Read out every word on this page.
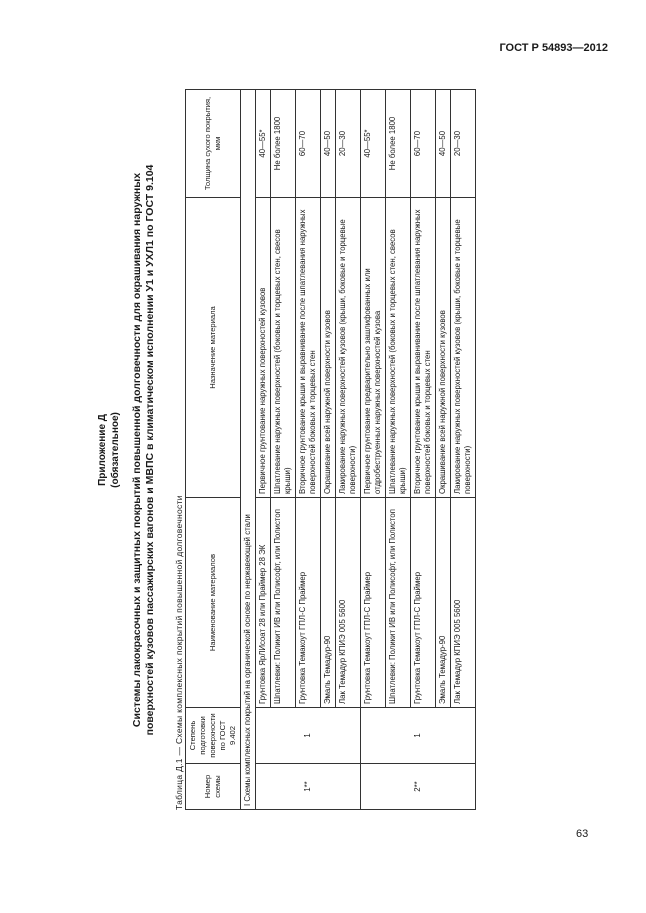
ГОСТ Р 54893—2012
Приложение Д (обязательное) Системы лакокрасочных и защитных покрытий повышенной долговечности для окрашивания наружных поверхностей кузовов пассажирских вагонов и МВПС в климатическом исполнении У1 и УХЛ1 по ГОСТ 9.104 Таблица Д.1 — Схемы комплексных покрытий повышенной долговечности	Номер схемы	Степень подготовки поверхности по ГОСТ 9.402	Наименование материалов	Назначение материала	Толщина сухого покрытия, мкм
I Схемы комплексных покрытий на органической основе по нержавеющей стали				
1**	1	Грунтовка ЯрЛИсоат 28 или Праймер 28 ЭК	Первичное грунтование наружных поверхностей кузовов	40—55*
		Шпатлевки: Поликит ИВ или Полисофт, или Полистоп	Шпатлевание наружных поверхностей (боковых и торцевых стен, свесов крыши)	Не более 1800
		Грунтовка Темакоут ГПЛ-С Праймер	Вторичное грунтование крыши и выравнивание после шпатлевания наружных поверхностей боковых и торцевых стен	60—70
		Эмаль Темадур-90	Окрашивание всей наружной поверхности кузовов	40—50
		Лак Темадур КПИЭ 005 5600	Лакирование наружных поверхностей кузовов (крыши, боковые и торцевые поверхности)	20—30
2**	1	Грунтовка Темакоут ГПЛ-С Праймер	Первичное грунтование предварительно зашлифованных или отдробеструенных наружных поверхностей кузова	40—55*
		Шпатлевки: Поликит ИВ или Полисофт, или Полистоп	Шпатлевание наружных поверхностей (боковых и торцевых стен, свесов крыши)	Не более 1800
		Грунтовка Темакоут ГПЛ-С Праймер	Вторичное грунтование крыши и выравнивание после шпатлевания наружных поверхностей боковых и торцевых стен	60—70
		Эмаль Темадур-90	Окрашивание всей наружной поверхности кузовов	40—50
		Лак Темадур КПИЭ 005 5600	Лакирование наружных поверхностей кузовов (крыши, боковые и торцевые поверхности)	20—30
63
